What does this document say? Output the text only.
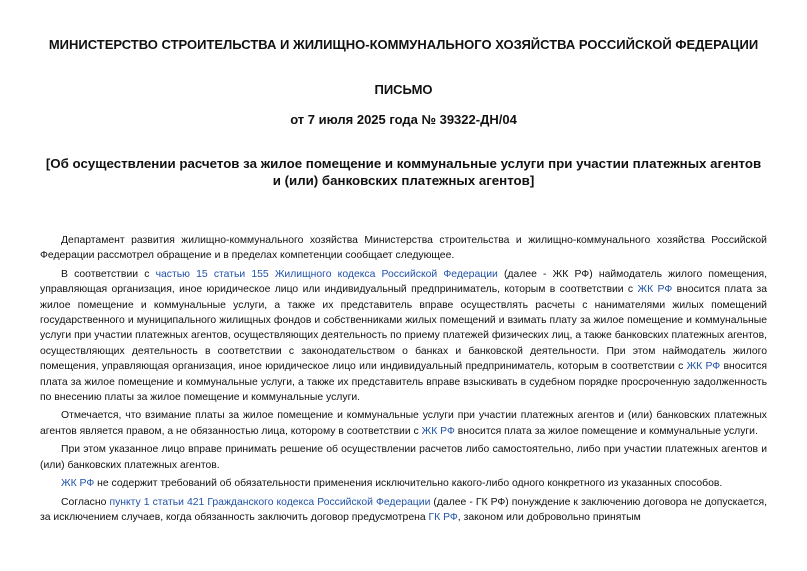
МИНИСТЕРСТВО СТРОИТЕЛЬСТВА И ЖИЛИЩНО-КОММУНАЛЬНОГО ХОЗЯЙСТВА РОССИЙСКОЙ ФЕДЕРАЦИИ
ПИСЬМО
от 7 июля 2025 года № 39322-ДН/04
[Об осуществлении расчетов за жилое помещение и коммунальные услуги при участии платежных агентов и (или) банковских платежных агентов]

Департамент развития жилищно-коммунального хозяйства Министерства строительства и жилищно-коммунального хозяйства Российской Федерации рассмотрел обращение и в пределах компетенции сообщает следующее.

В соответствии с частью 15 статьи 155 Жилищного кодекса Российской Федерации (далее - ЖК РФ) наймодатель жилого помещения, управляющая организация, иное юридическое лицо или индивидуальный предприниматель, которым в соответствии с ЖК РФ вносится плата за жилое помещение и коммунальные услуги, а также их представитель вправе осуществлять расчеты с нанимателями жилых помещений государственного и муниципального жилищных фондов и собственниками жилых помещений и взимать плату за жилое помещение и коммунальные услуги при участии платежных агентов, осуществляющих деятельность по приему платежей физических лиц, а также банковских платежных агентов, осуществляющих деятельность в соответствии с законодательством о банках и банковской деятельности. При этом наймодатель жилого помещения, управляющая организация, иное юридическое лицо или индивидуальный предприниматель, которым в соответствии с ЖК РФ вносится плата за жилое помещение и коммунальные услуги, а также их представитель вправе взыскивать в судебном порядке просроченную задолженность по внесению платы за жилое помещение и коммунальные услуги.

Отмечается, что взимание платы за жилое помещение и коммунальные услуги при участии платежных агентов и (или) банковских платежных агентов является правом, а не обязанностью лица, которому в соответствии с ЖК РФ вносится плата за жилое помещение и коммунальные услуги.

При этом указанное лицо вправе принимать решение об осуществлении расчетов либо самостоятельно, либо при участии платежных агентов и (или) банковских платежных агентов.

ЖК РФ не содержит требований об обязательности применения исключительно какого-либо одного конкретного из указанных способов.

Согласно пункту 1 статьи 421 Гражданского кодекса Российской Федерации (далее - ГК РФ) понуждение к заключению договора не допускается, за исключением случаев, когда обязанность заключить договор предусмотрена ГК РФ, законом или добровольно принятым
